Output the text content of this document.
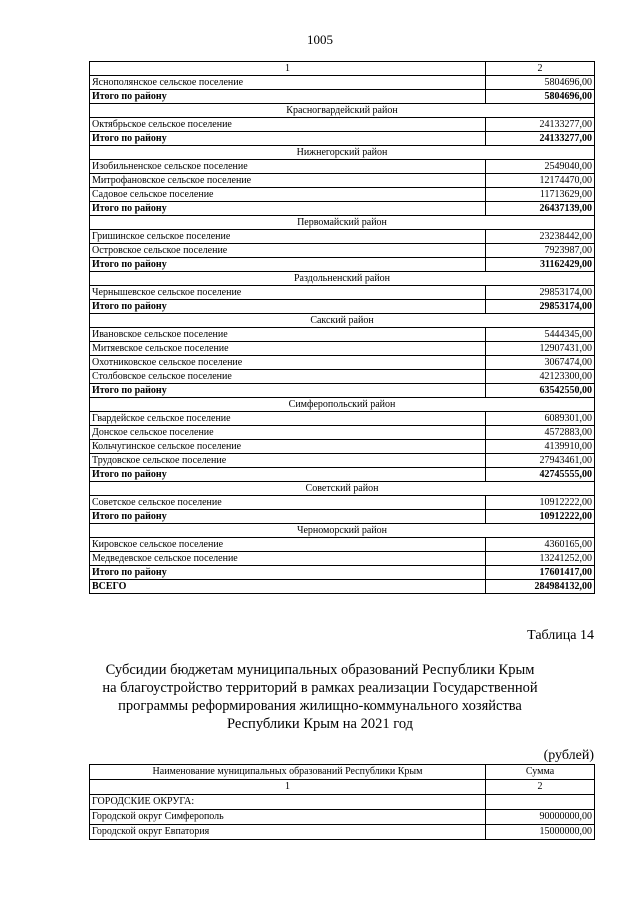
1005
1	2
Яснополянское сельское поселение	5804696,00
Итого по району	5804696,00
Красногвардейский район	
Октябрьское сельское поселение	24133277,00
Итого по району	24133277,00
Нижнегорский район	
Изобильненское сельское поселение	2549040,00
Митрофановское сельское поселение	12174470,00
Садовое сельское поселение	11713629,00
Итого по району	26437139,00
Первомайский район	
Гришинское сельское поселение	23238442,00
Островское сельское поселение	7923987,00
Итого по району	31162429,00
Раздольненский район	
Чернышевское сельское поселение	29853174,00
Итого по району	29853174,00
Сакский район	
Ивановское сельское поселение	5444345,00
Митяевское сельское поселение	12907431,00
Охотниковское сельское поселение	3067474,00
Столбовское сельское поселение	42123300,00
Итого по району	63542550,00
Симферопольский район	
Гвардейское сельское поселение	6089301,00
Донское сельское поселение	4572883,00
Кольчугинское сельское поселение	4139910,00
Трудовское сельское поселение	27943461,00
Итого по району	42745555,00
Советский район	
Советское сельское поселение	10912222,00
Итого по району	10912222,00
Черноморский район	
Кировское сельское поселение	4360165,00
Медведевское сельское поселение	13241252,00
Итого по району	17601417,00
ВСЕГО	284984132,00
Таблица 14
Субсидии бюджетам муниципальных образований Республики Крым
на благоустройство территорий в рамках реализации Государственной
программы реформирования жилищно-коммунального хозяйства
Республики Крым на 2021 год
(рублей)
Наименование муниципальных образований Республики Крым	Сумма
1	2
ГОРОДСКИЕ ОКРУГА:	
Городской округ Симферополь	90000000,00
Городской округ Евпатория	15000000,00
